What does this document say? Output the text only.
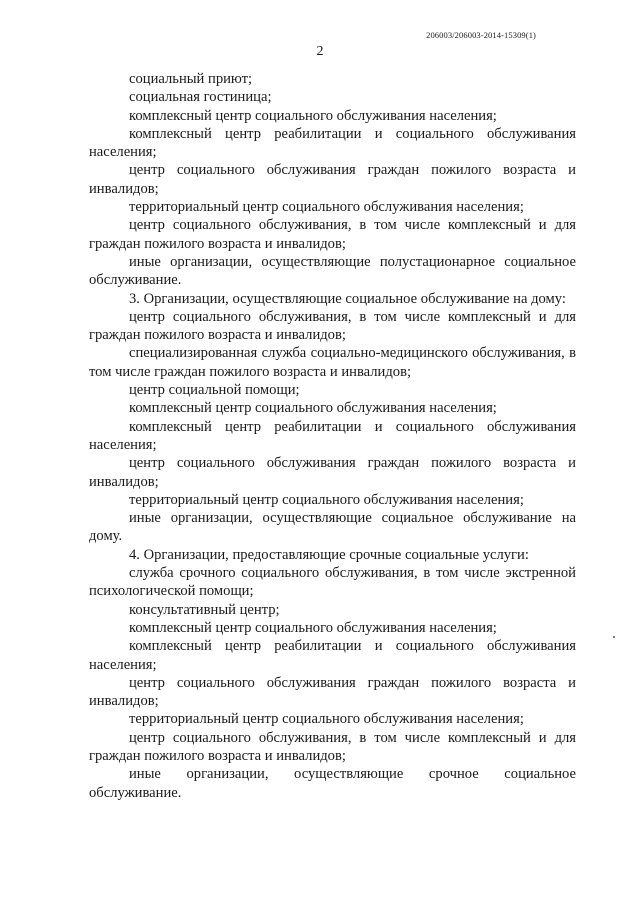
206003/206003-2014-15309(1)
2

социальный приют;

социальная гостиница;

комплексный центр социального обслуживания населения;

комплексный центр реабилитации и социального обслуживания населения;

центр социального обслуживания граждан пожилого возраста и инвалидов;

территориальный центр социального обслуживания населения;

центр социального обслуживания, в том числе комплексный и для граждан пожилого возраста и инвалидов;

иные организации, осуществляющие полустационарное социальное обслуживание.

3. Организации, осуществляющие социальное обслуживание на дому:

центр социального обслуживания, в том числе комплексный и для граждан пожилого возраста и инвалидов;

специализированная служба социально-медицинского обслуживания, в том числе граждан пожилого возраста и инвалидов;

центр социальной помощи;

комплексный центр социального обслуживания населения;

комплексный центр реабилитации и социального обслуживания населения;

центр социального обслуживания граждан пожилого возраста и инвалидов;

территориальный центр социального обслуживания населения;

иные организации, осуществляющие социальное обслуживание на дому.

4. Организации, предоставляющие срочные социальные услуги:

служба срочного социального обслуживания, в том числе экстренной психологической помощи;

консультативный центр;

комплексный центр социального обслуживания населения;

комплексный центр реабилитации и социального обслуживания населения;

центр социального обслуживания граждан пожилого возраста и инвалидов;

территориальный центр социального обслуживания населения;

центр социального обслуживания, в том числе комплексный и для граждан пожилого возраста и инвалидов;

иные организации, осуществляющие срочное социальное обслуживание.
